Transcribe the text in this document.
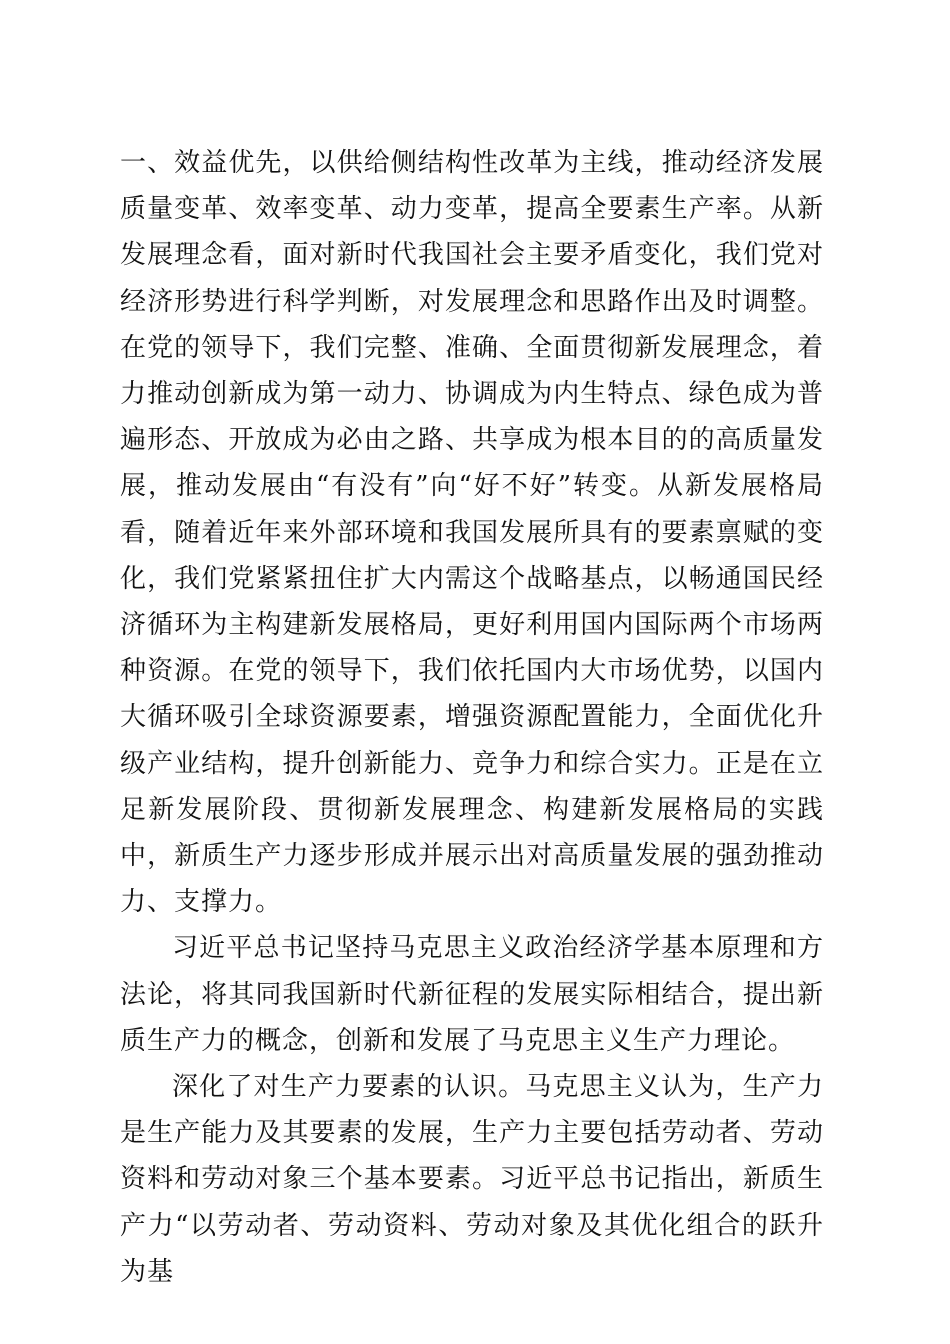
一、效益优先，以供给侧结构性改革为主线，推动经济发展质量变革、效率变革、动力变革，提高全要素生产率。从新发展理念看，面对新时代我国社会主要矛盾变化，我们党对经济形势进行科学判断，对发展理念和思路作出及时调整。在党的领导下，我们完整、准确、全面贯彻新发展理念，着力推动创新成为第一动力、协调成为内生特点、绿色成为普遍形态、开放成为必由之路、共享成为根本目的的高质量发展，推动发展由“有没有”向“好不好”转变。从新发展格局看，随着近年来外部环境和我国发展所具有的要素禀赋的变化，我们党紧紧扭住扩大内需这个战略基点，以畅通国民经济循环为主构建新发展格局，更好利用国内国际两个市场两种资源。在党的领导下，我们依托国内大市场优势，以国内大循环吸引全球资源要素，增强资源配置能力，全面优化升级产业结构，提升创新能力、竞争力和综合实力。正是在立足新发展阶段、贯彻新发展理念、构建新发展格局的实践中，新质生产力逐步形成并展示出对高质量发展的强劲推动力、支撑力。

习近平总书记坚持马克思主义政治经济学基本原理和方法论，将其同我国新时代新征程的发展实际相结合，提出新质生产力的概念，创新和发展了马克思主义生产力理论。

深化了对生产力要素的认识。马克思主义认为，生产力是生产能力及其要素的发展，生产力主要包括劳动者、劳动资料和劳动对象三个基本要素。习近平总书记指出，新质生产力“以劳动者、劳动资料、劳动对象及其优化组合的跃升为基
